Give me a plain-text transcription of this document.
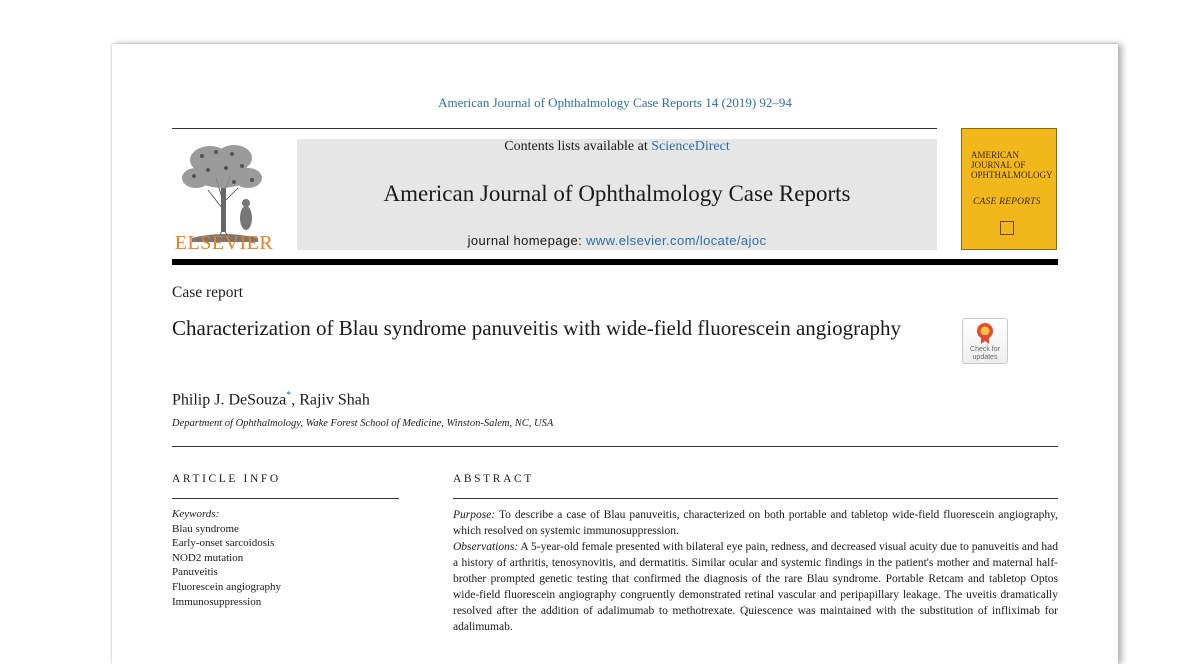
American Journal of Ophthalmology Case Reports 14 (2019) 92–94
ELSEVIER
Contents lists available at ScienceDirect
American Journal of Ophthalmology Case Reports
journal homepage: www.elsevier.com/locate/ajoc
AMERICAN
JOURNAL OF
OPHTHALMOLOGY
CASE REPORTS
Case report
Characterization of Blau syndrome panuveitis with wide-field fluorescein angiography
Check for updates
Philip J. DeSouza*, Rajiv Shah
Department of Ophthalmology, Wake Forest School of Medicine, Winston-Salem, NC, USA
ARTICLE INFO	ABSTRACT
Keywords:
Blau syndrome
Early-onset sarcoidosis
NOD2 mutation
Panuveitis
Fluorescein angiography
Immunosuppression

Purpose: To describe a case of Blau panuveitis, characterized on both portable and tabletop wide-field fluorescein angiography, which resolved on systemic immunosuppression.

Observations: A 5-year-old female presented with bilateral eye pain, redness, and decreased visual acuity due to panuveitis and had a history of arthritis, tenosynovitis, and dermatitis. Similar ocular and systemic findings in the patient's mother and maternal half-brother prompted genetic testing that confirmed the diagnosis of the rare Blau syndrome. Portable Retcam and tabletop Optos wide-field fluorescein angiography congruently demonstrated retinal vascular and peripapillary leakage. The uveitis dramatically resolved after the addition of adalimumab to methotrexate. Quiescence was maintained with the substitution of infliximab for adalimumab.
